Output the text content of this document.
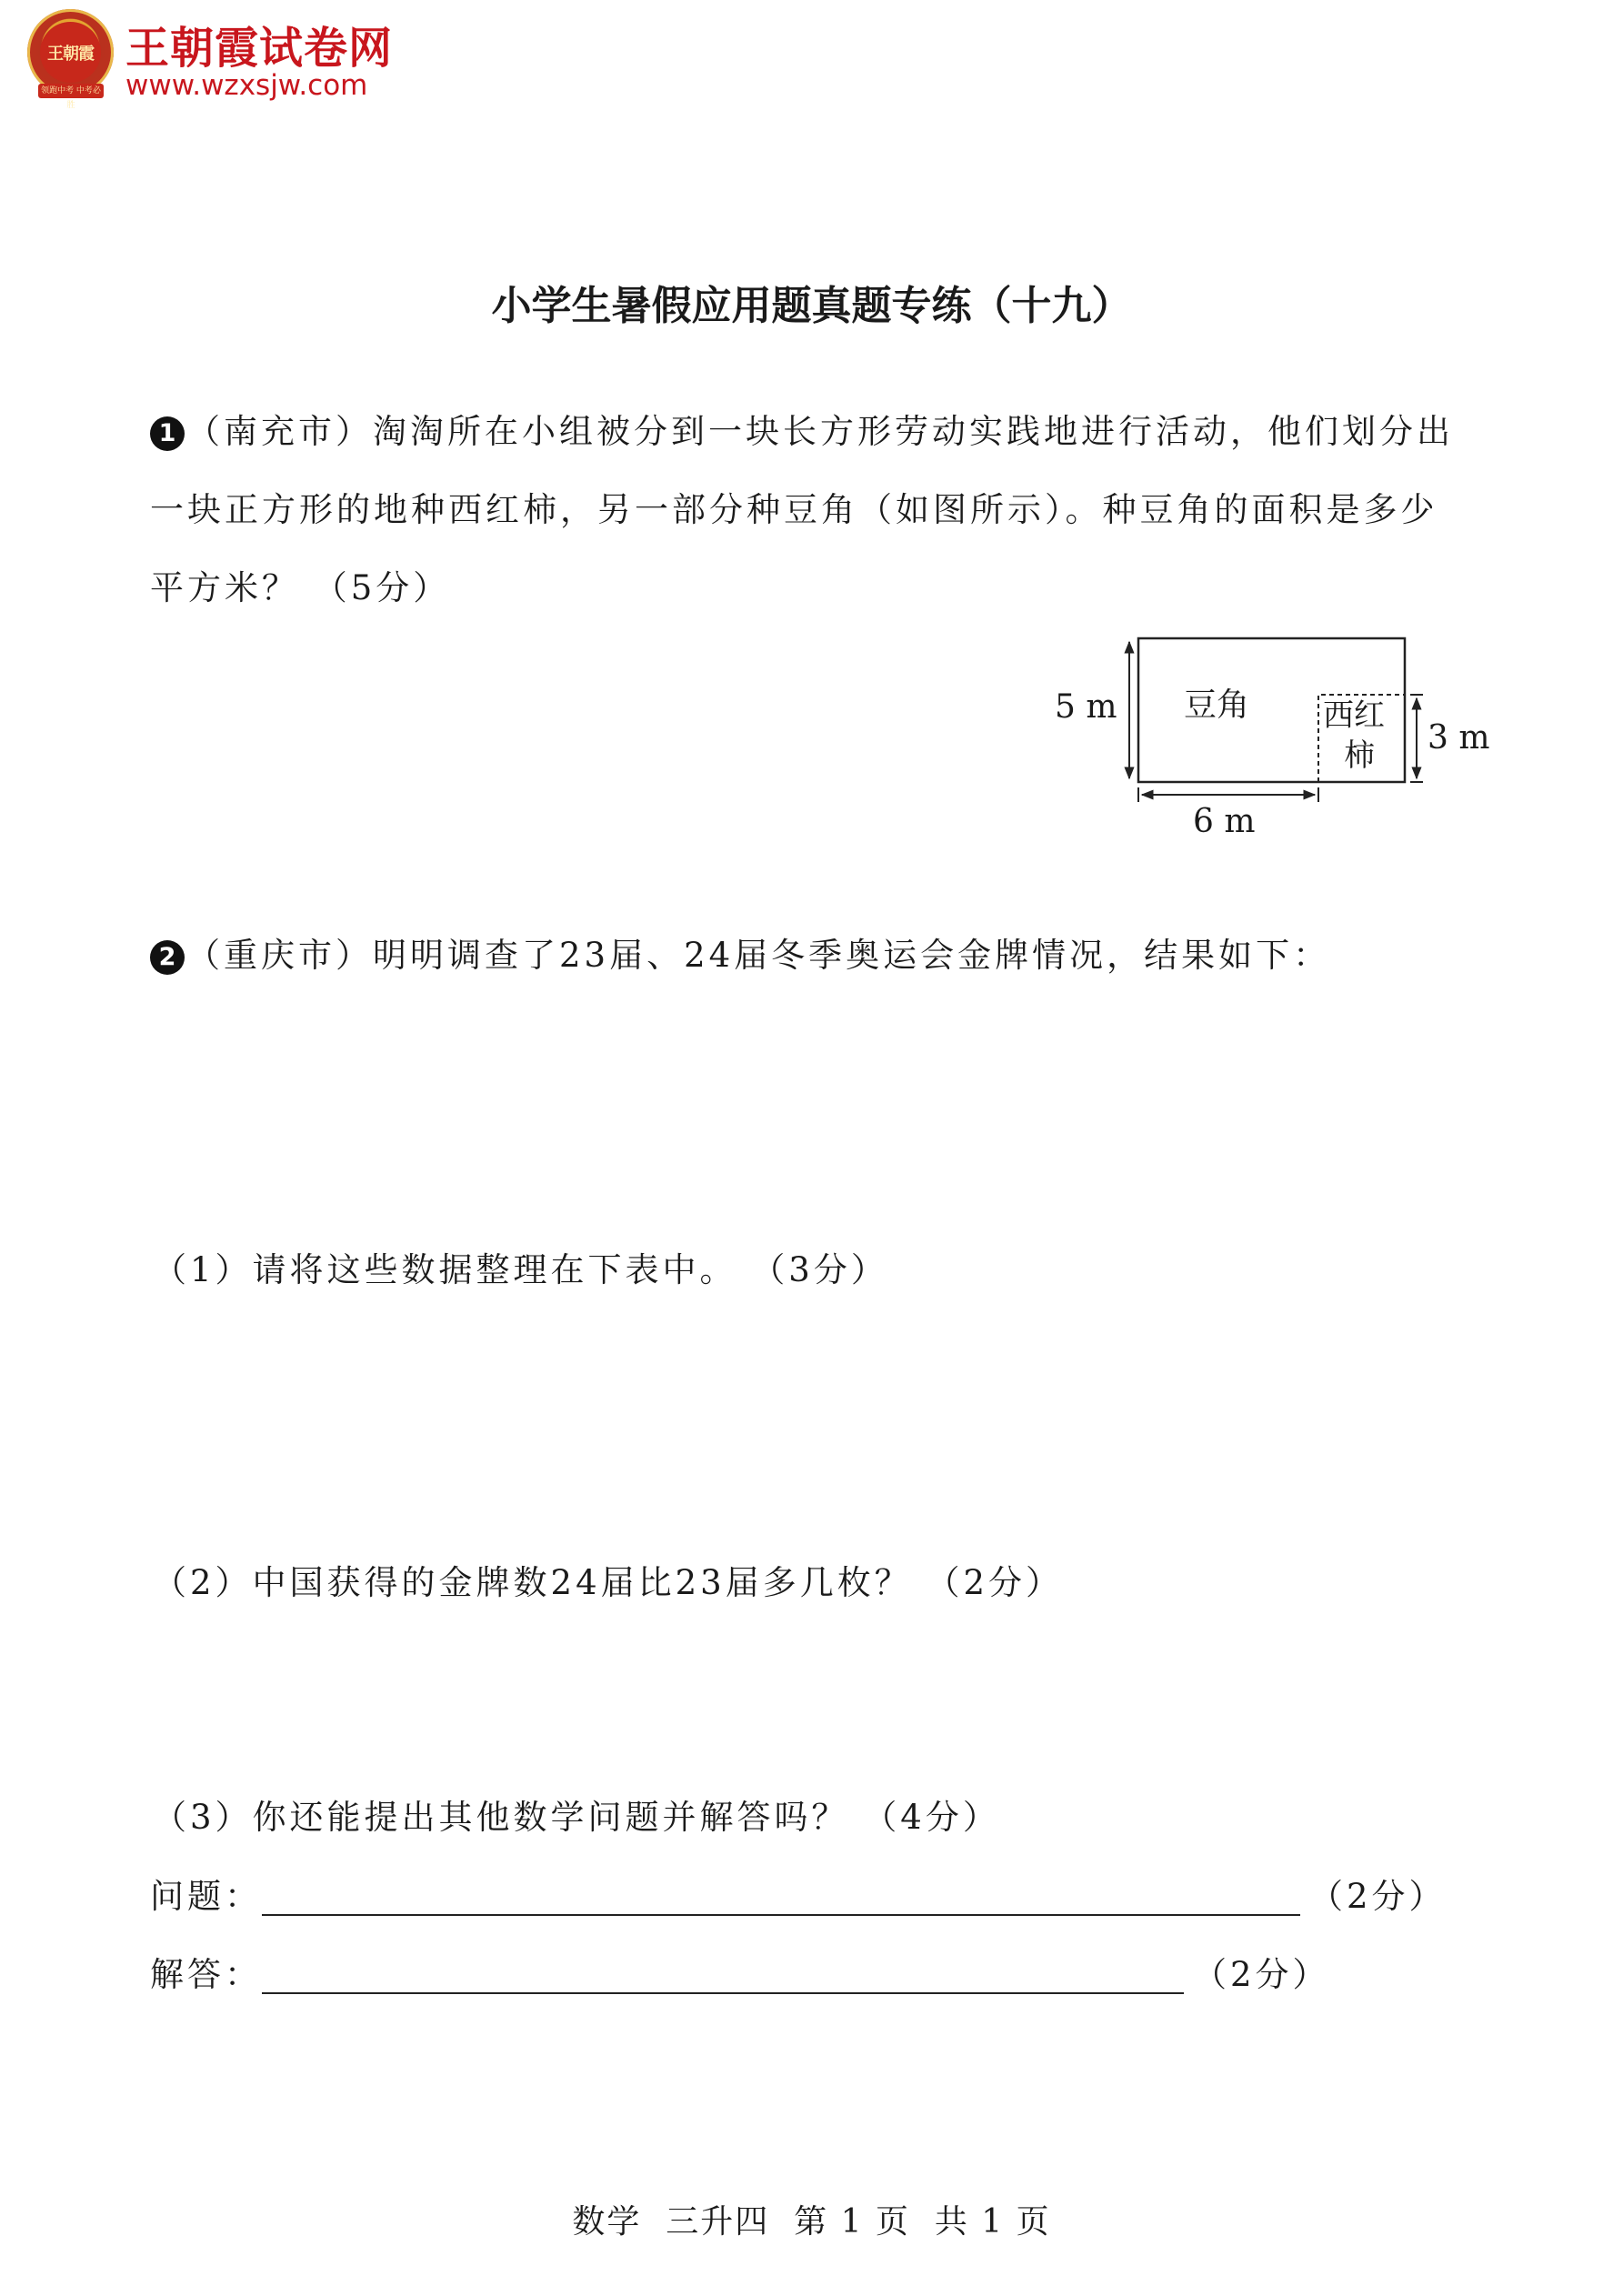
王朝霞
领跑中考 中考必胜
王朝霞试卷网
www.wzxsjw.com
小学生暑假应用题真题专练（十九）
1 （南充市）淘淘所在小组被分到一块长方形劳动实践地进行活动，他们划分出
一块正方形的地种西红柿，另一部分种豆角（如图所示）。种豆角的面积是多少
平方米？ （5分）
5 m 豆角 西红
柿 3 m
6 m
2 （重庆市）明明调查了23届、24届冬季奥运会金牌情况，结果如下：
（1）请将这些数据整理在下表中。 （3分）
（2）中国获得的金牌数24届比23届多几枚？ （2分）
（3）你还能提出其他数学问题并解答吗？ （4分）
问题：	（2分）
解答：	（2分）
数学  三升四  第 1 页  共 1 页
